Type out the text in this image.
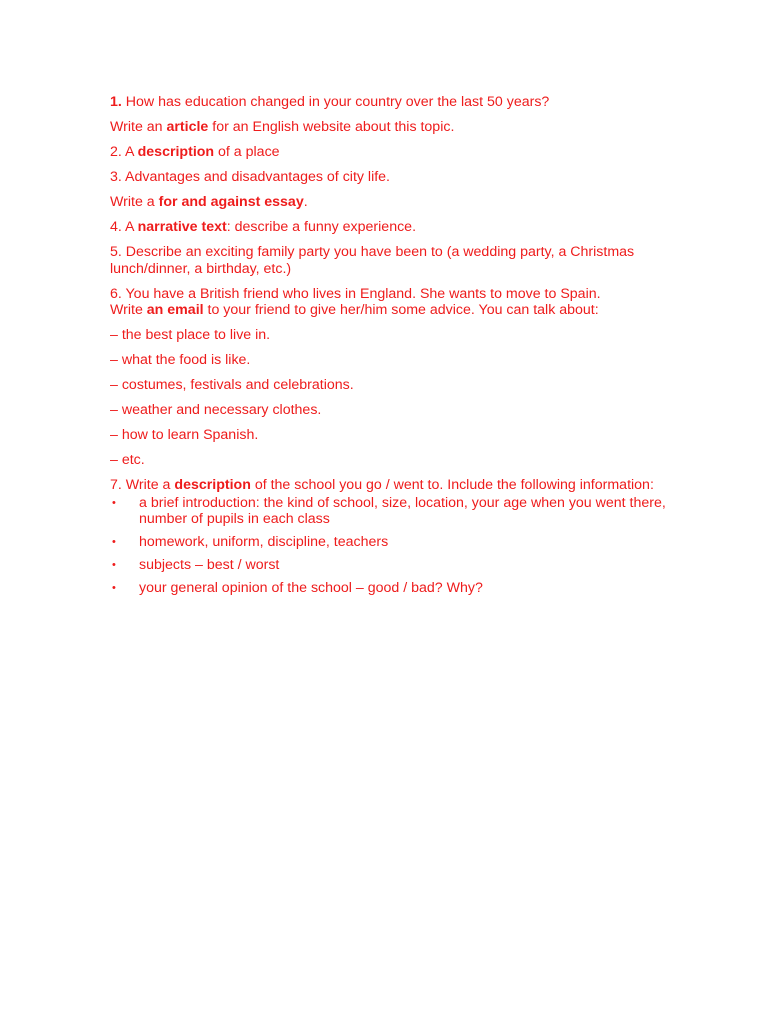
1. How has education changed in your country over the last 50 years?

Write an article for an English website about this topic.

2. A description of a place

3. Advantages and disadvantages of city life.

Write a for and against essay.

4. A narrative text: describe a funny experience.

5. Describe an exciting family party you have been to (a wedding party, a Christmas lunch/dinner, a birthday, etc.)

6. You have a British friend who lives in England. She wants to move to Spain.
Write an email to your friend to give her/him some advice. You can talk about:

– the best place to live in.

– what the food is like.

– costumes, festivals and celebrations.

– weather and necessary clothes.

– how to learn Spanish.

– etc.

7. Write a description of the school you go / went to. Include the following information:

•	a brief introduction: the kind of school, size, location, your age when you went there, number of pupils in each class
•	homework, uniform, discipline, teachers
•	subjects – best / worst
•	your general opinion of the school – good / bad? Why?
